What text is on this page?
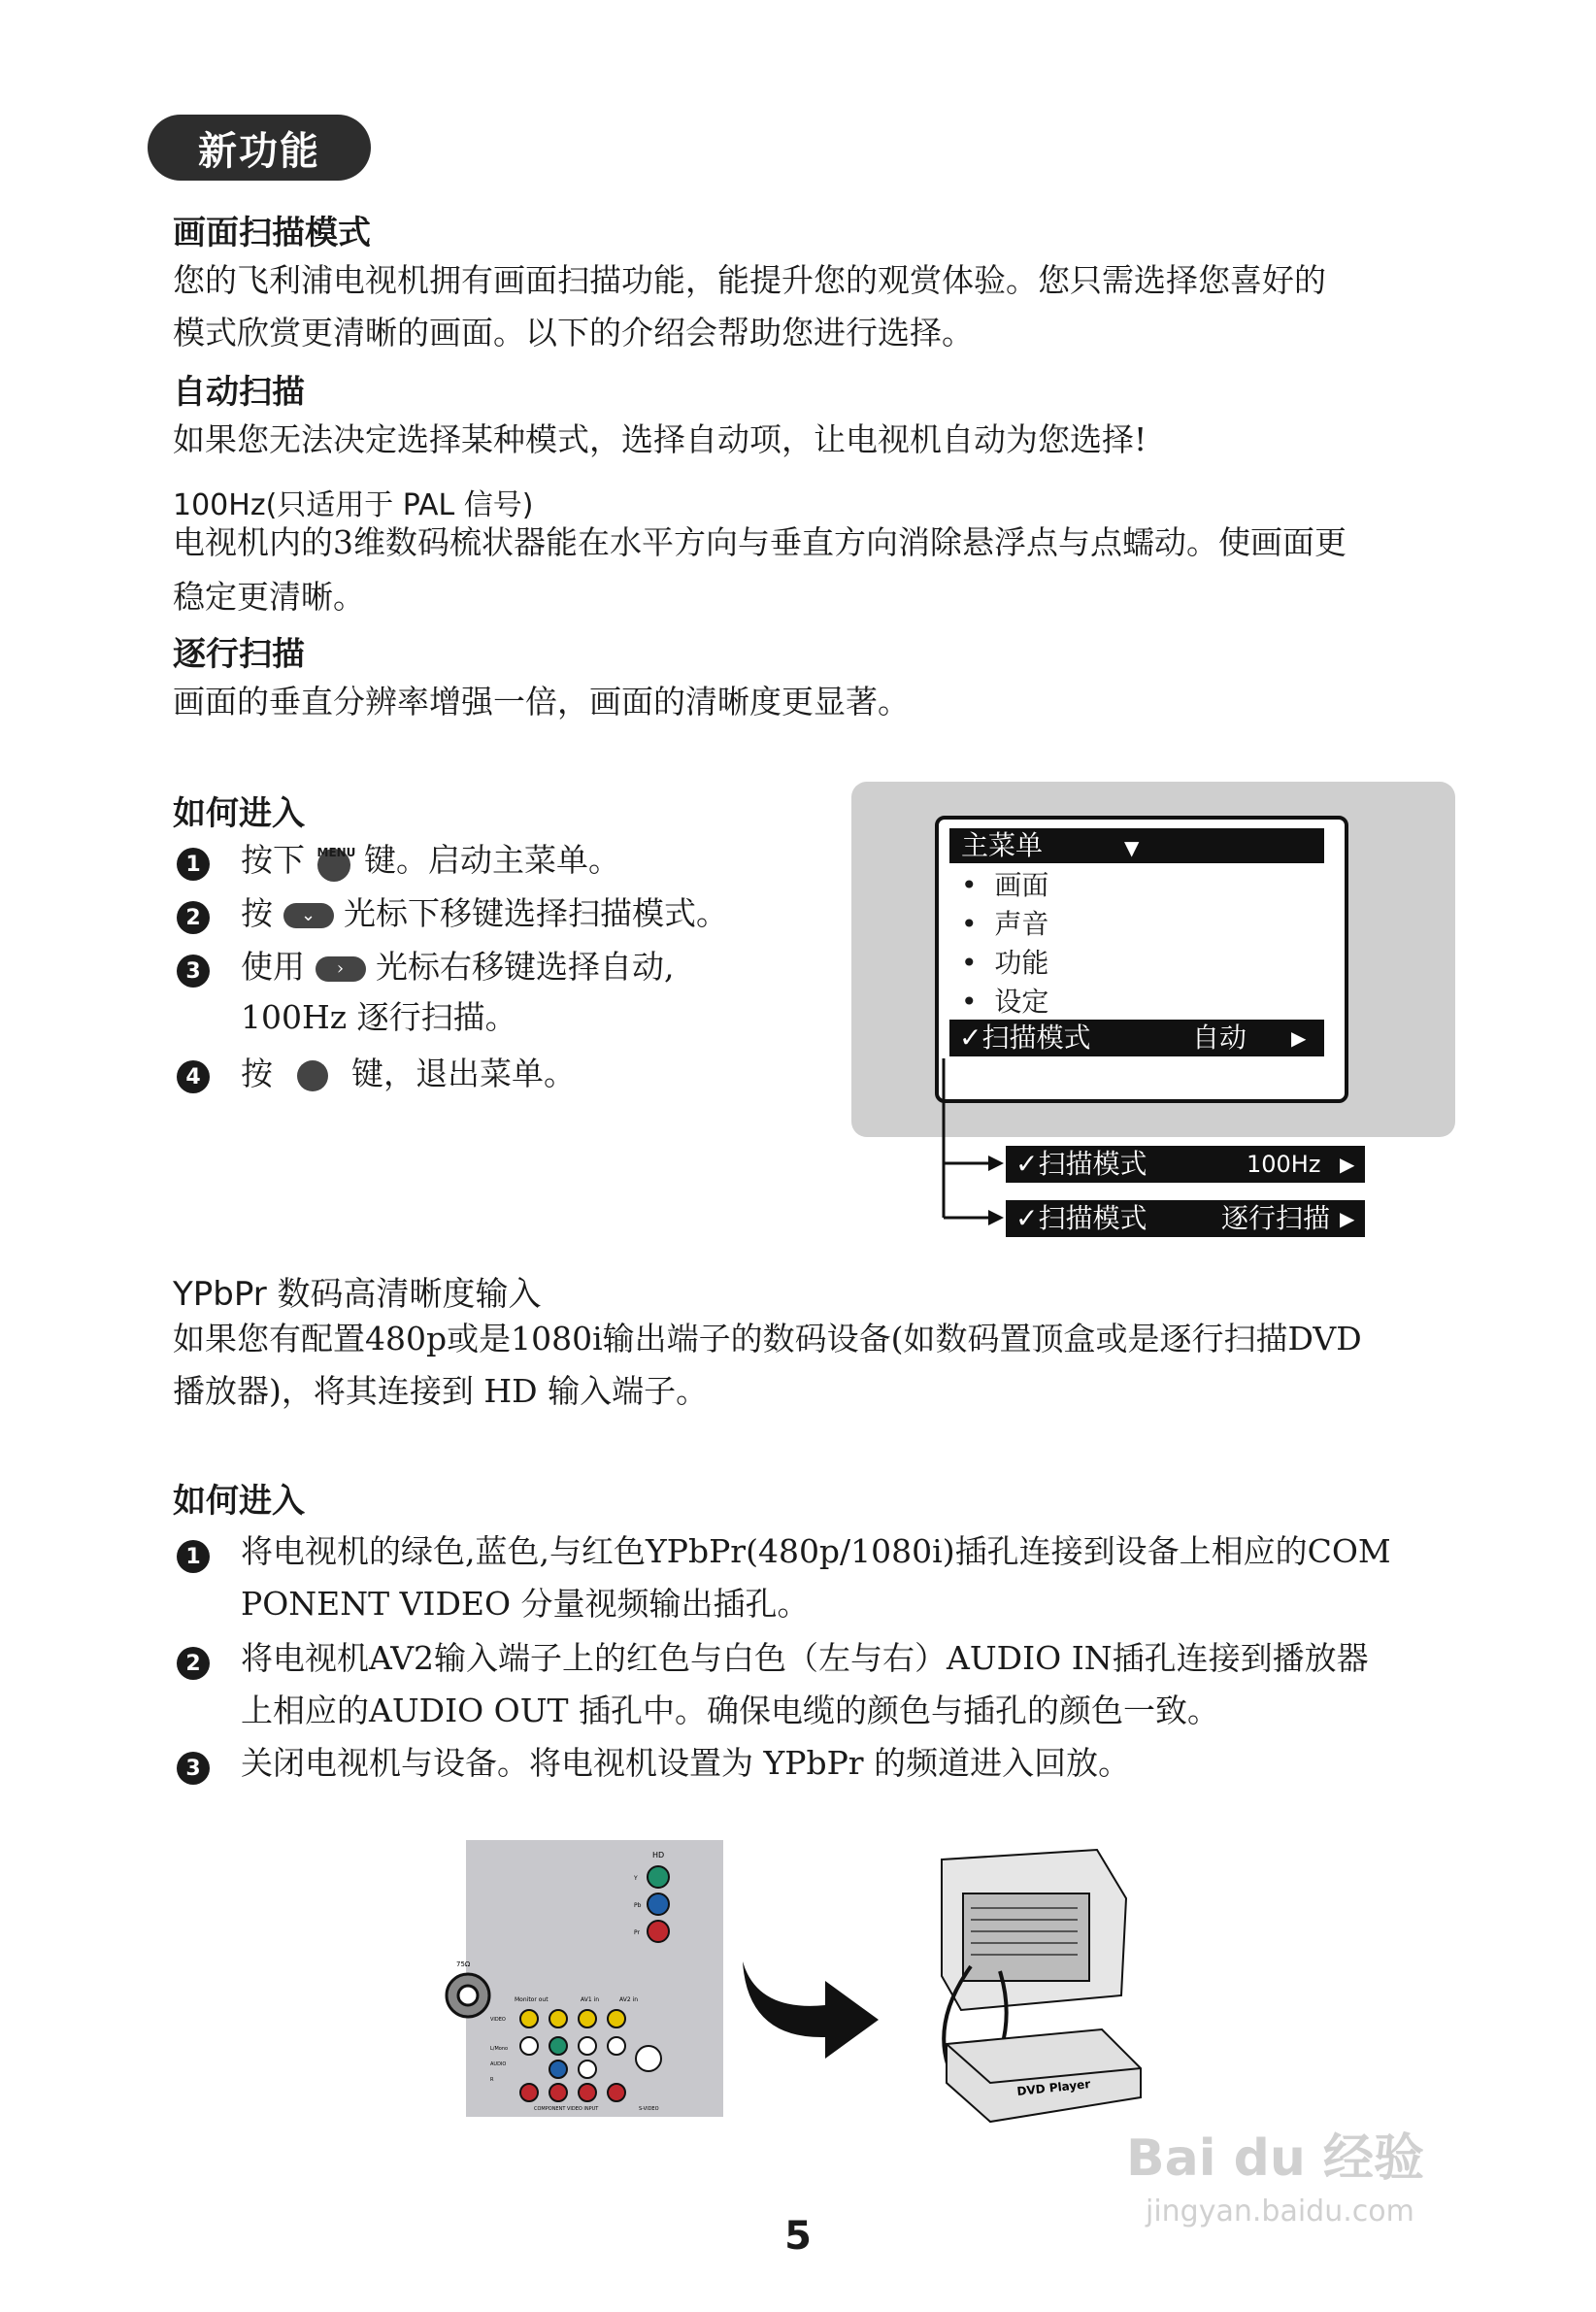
新功能
画面扫描模式
您的飞利浦电视机拥有画面扫描功能，能提升您的观赏体验。您只需选择您喜好的
模式欣赏更清晰的画面。以下的介绍会帮助您进行选择。
自动扫描
如果您无法决定选择某种模式，选择自动项，让电视机自动为您选择!
100Hz(只适用于 PAL 信号)
电视机内的3维数码梳状器能在水平方向与垂直方向消除悬浮点与点蠕动。使画面更
稳定更清晰。
逐行扫描
画面的垂直分辨率增强一倍，画面的清晰度更显著。
如何进入
1 按下 MENU 键。启动主菜单。
2 按 ⌄ 光标下移键选择扫描模式。
3 使用 › 光标右移键选择自动,
100Hz 逐行扫描。
4 按 键，退出菜单。
主菜单	▼
• 画面
• 声音
• 功能
• 设定
✓扫描模式	自动 ▶
✓扫描模式	100Hz ▶
✓扫描模式	逐行扫描 ▶
YPbPr 数码高清晰度输入
如果您有配置480p或是1080i输出端子的数码设备(如数码置顶盒或是逐行扫描DVD
播放器)，将其连接到 HD 输入端子。
如何进入
1 将电视机的绿色,蓝色,与红色YPbPr(480p/1080i)插孔连接到设备上相应的COM
PONENT VIDEO 分量视频输出插孔。
2 将电视机AV2输入端子上的红色与白色（左与右）AUDIO IN插孔连接到播放器
上相应的AUDIO OUT 插孔中。确保电缆的颜色与插孔的颜色一致。
3 关闭电视机与设备。将电视机设置为 YPbPr 的频道进入回放。
HD
Y
Pb
Pr
75Ω
Monitor out	AV1 in	AV2 in
VIDEO
L/Mono
AUDIO
R
COMPONENT VIDEO INPUT	S-VIDEO
DVD Player
5
Bai du 经验
jingyan.baidu.com
